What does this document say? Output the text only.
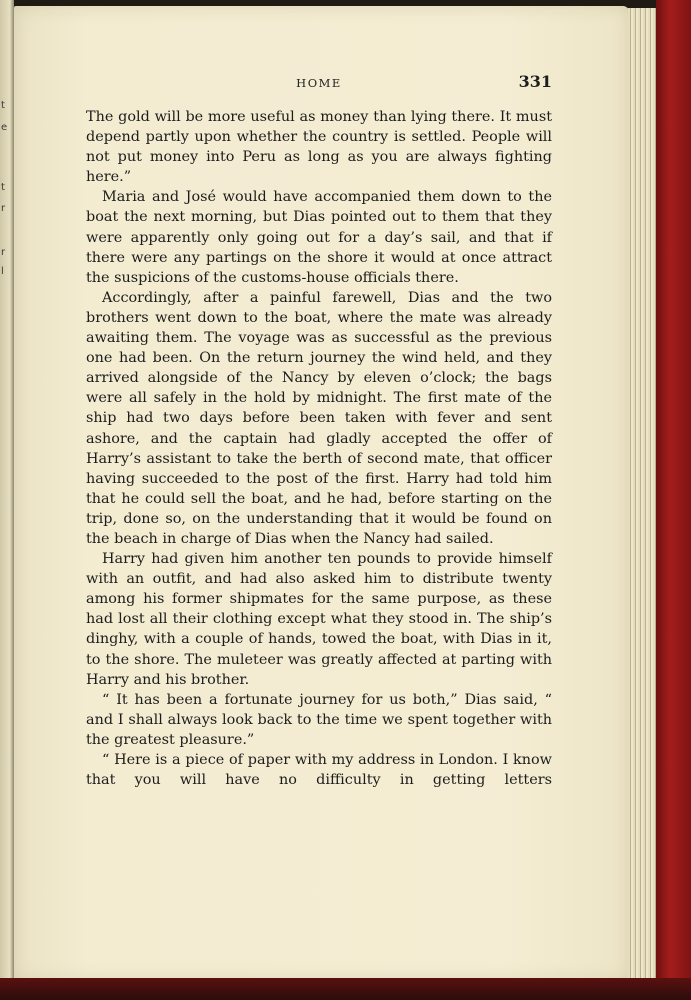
t
e
t
r
r
l
HOME	331

The gold will be more useful as money than lying there. It must depend partly upon whether the country is settled. People will not put money into Peru as long as you are always fighting here.”

Maria and José would have accompanied them down to the boat the next morning, but Dias pointed out to them that they were apparently only going out for a day’s sail, and that if there were any partings on the shore it would at once attract the suspicions of the customs-house officials there.

Accordingly, after a painful farewell, Dias and the two brothers went down to the boat, where the mate was already awaiting them. The voyage was as successful as the previous one had been. On the return journey the wind held, and they arrived alongside of the Nancy by eleven o’clock; the bags were all safely in the hold by midnight. The first mate of the ship had two days before been taken with fever and sent ashore, and the captain had gladly accepted the offer of Harry’s assistant to take the berth of second mate, that officer having succeeded to the post of the first. Harry had told him that he could sell the boat, and he had, before starting on the trip, done so, on the understanding that it would be found on the beach in charge of Dias when the Nancy had sailed.

Harry had given him another ten pounds to provide himself with an outfit, and had also asked him to distribute twenty among his former shipmates for the same purpose, as these had lost all their clothing except what they stood in. The ship’s dinghy, with a couple of hands, towed the boat, with Dias in it, to the shore. The muleteer was greatly affected at parting with Harry and his brother.

“ It has been a fortunate journey for us both,” Dias said, “ and I shall always look back to the time we spent together with the greatest pleasure.”

“ Here is a piece of paper with my address in London. I know that you will have no difficulty in getting letters
